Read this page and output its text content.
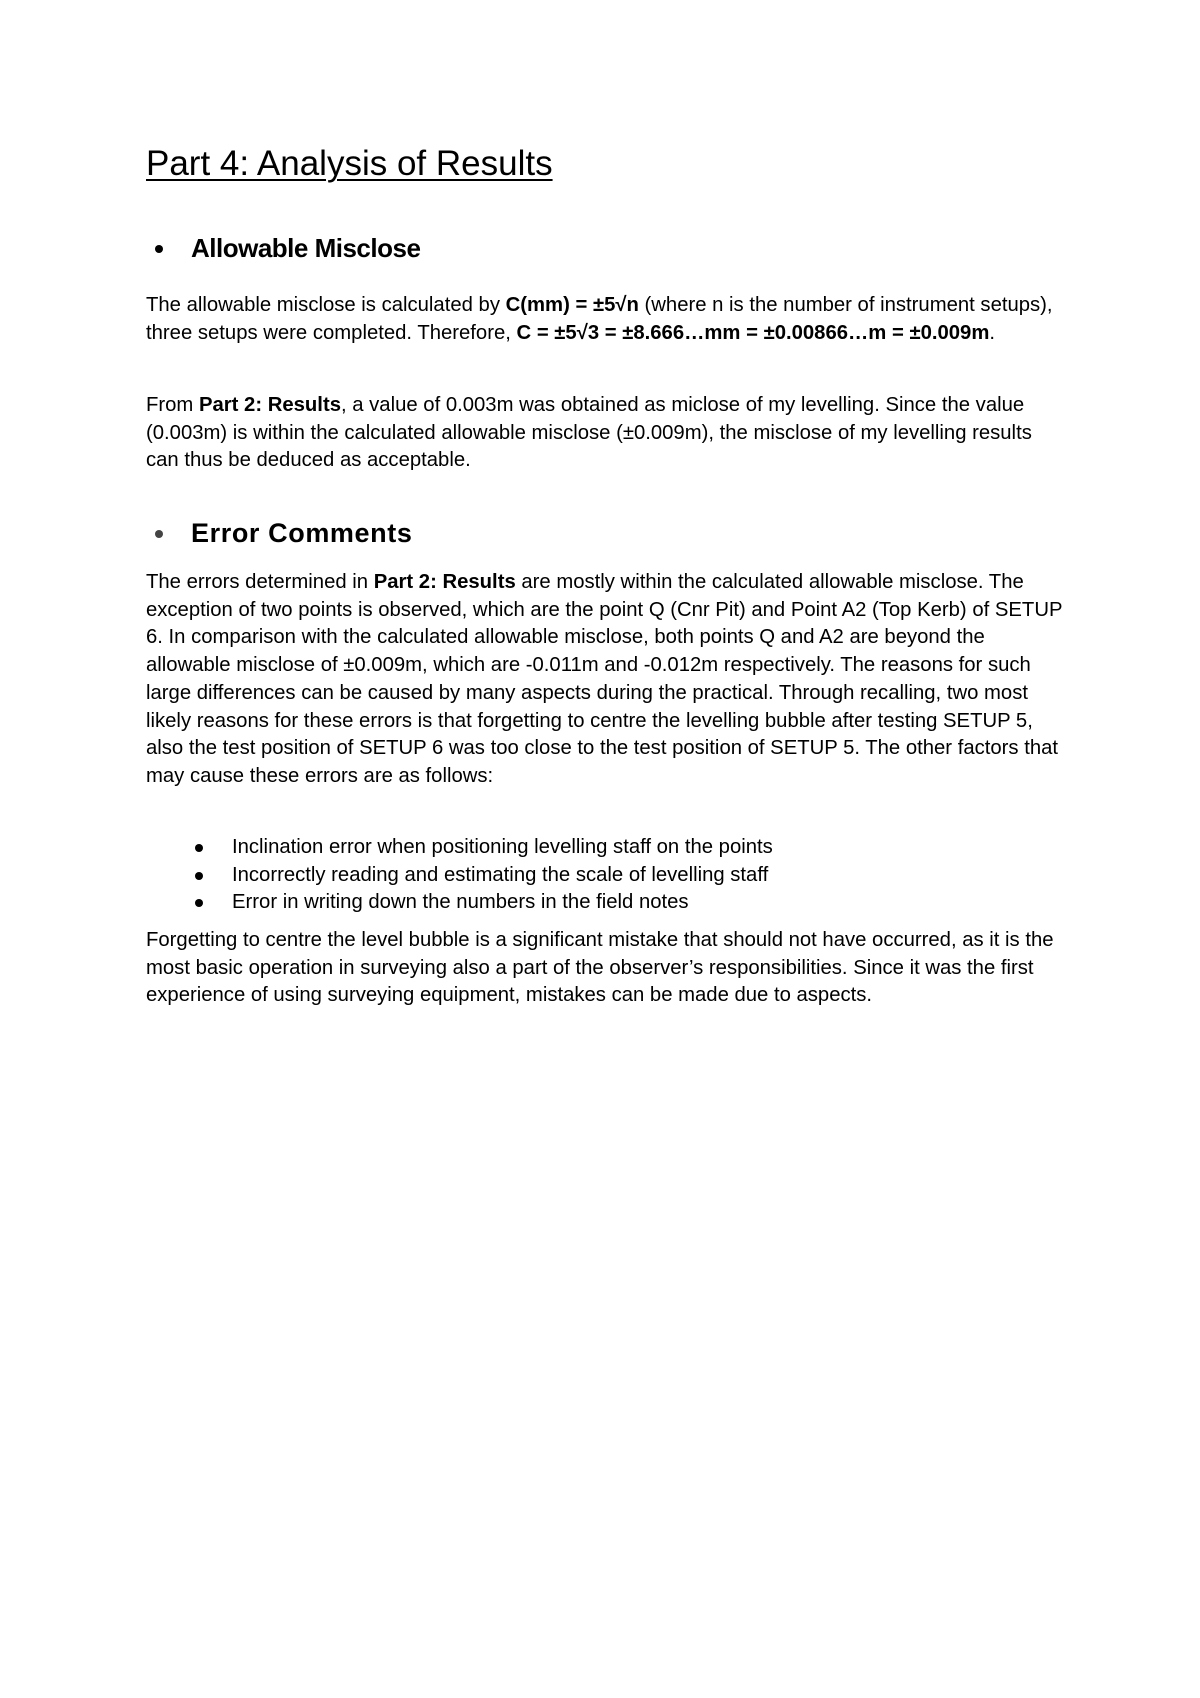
Part 4: Analysis of Results
Allowable Misclose

The allowable misclose is calculated by C(mm) = ±5√n (where n is the number of instrument setups), three setups were completed. Therefore, C = ±5√3 = ±8.666…mm = ±0.00866…m = ±0.009m.

From Part 2: Results, a value of 0.003m was obtained as miclose of my levelling. Since the value (0.003m) is within the calculated allowable misclose (±0.009m), the misclose of my levelling results can thus be deduced as acceptable.

Error Comments

The errors determined in Part 2: Results are mostly within the calculated allowable misclose. The exception of two points is observed, which are the point Q (Cnr Pit) and Point A2 (Top Kerb) of SETUP 6. In comparison with the calculated allowable misclose, both points Q and A2 are beyond the allowable misclose of ±0.009m, which are -0.011m and -0.012m respectively. The reasons for such large differences can be caused by many aspects during the practical. Through recalling, two most likely reasons for these errors is that forgetting to centre the levelling bubble after testing SETUP 5, also the test position of SETUP 6 was too close to the test position of SETUP 5. The other factors that may cause these errors are as follows:

Inclination error when positioning levelling staff on the points
Incorrectly reading and estimating the scale of levelling staff
Error in writing down the numbers in the field notes

Forgetting to centre the level bubble is a significant mistake that should not have occurred, as it is the most basic operation in surveying also a part of the observer’s responsibilities. Since it was the first experience of using surveying equipment, mistakes can be made due to aspects.
